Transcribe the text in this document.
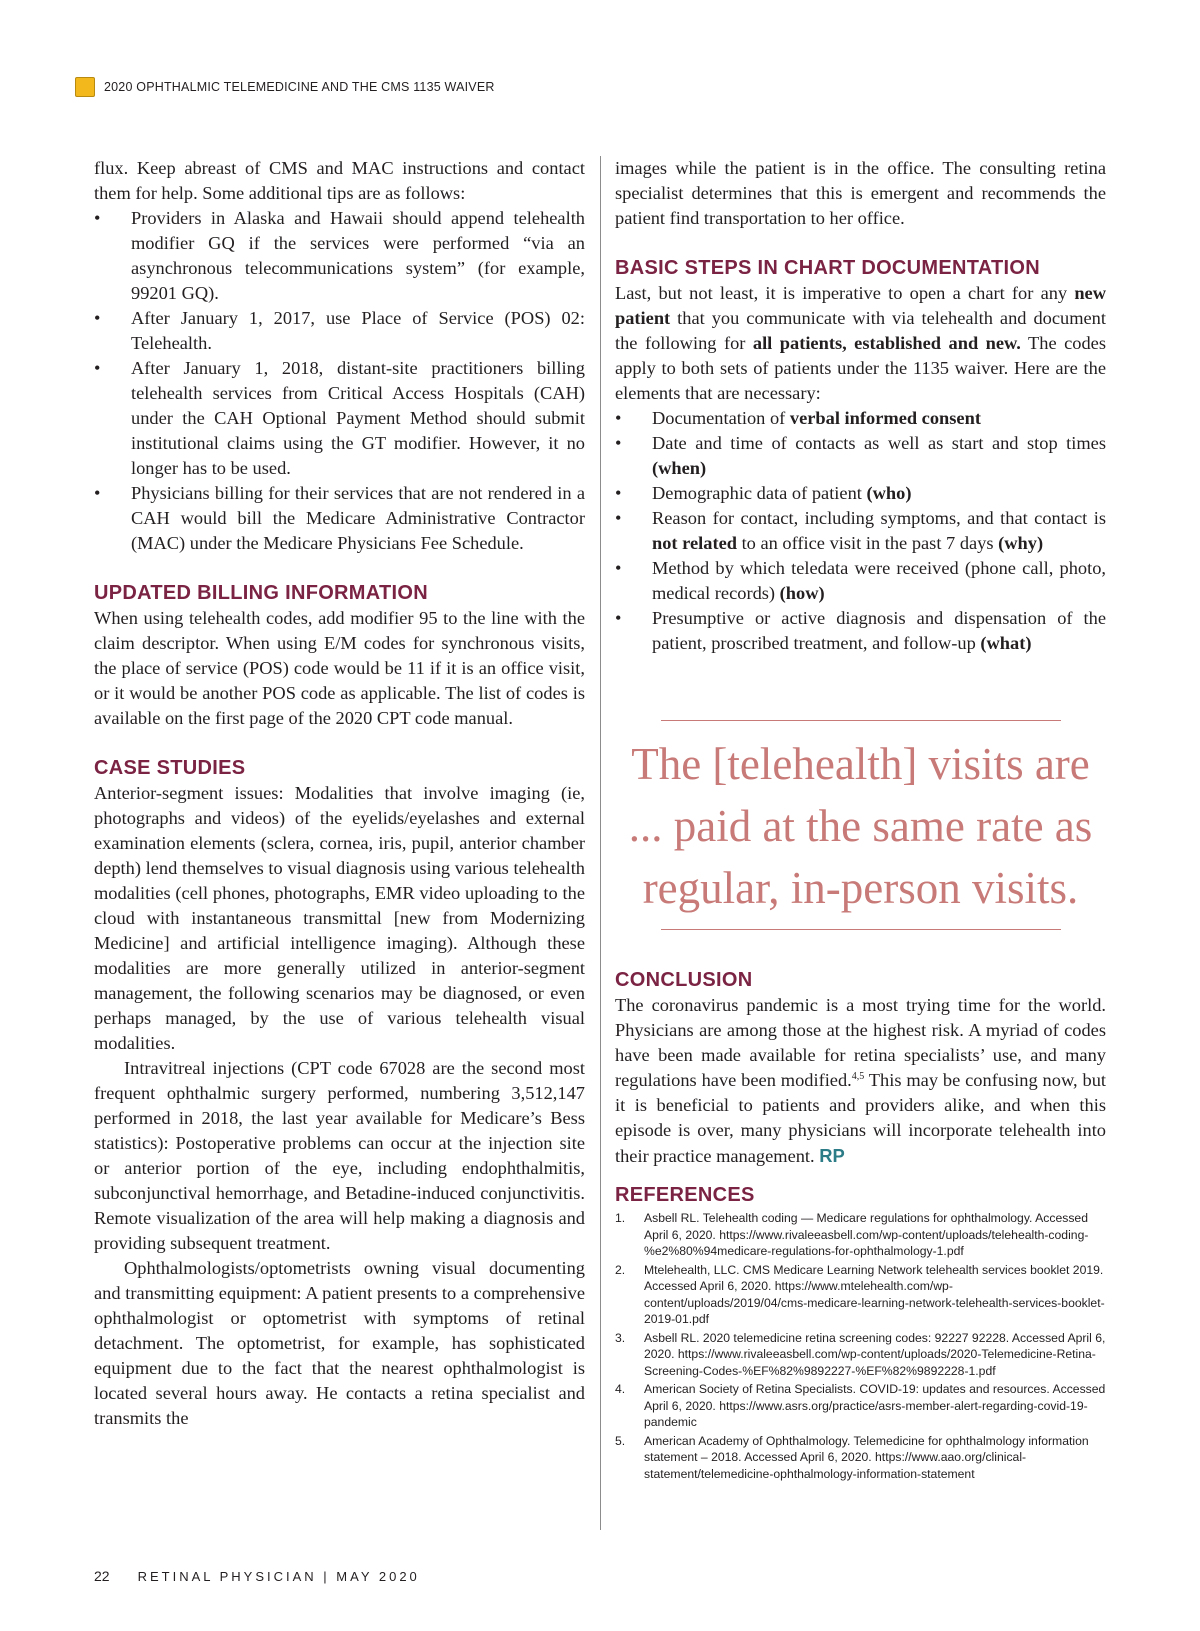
2020 OPHTHALMIC TELEMEDICINE AND THE CMS 1135 WAIVER

flux. Keep abreast of CMS and MAC instructions and contact them for help. Some additional tips are as follows:

• Providers in Alaska and Hawaii should append telehealth modifier GQ if the services were performed “via an asynchronous telecommunications system” (for example, 99201 GQ).
• After January 1, 2017, use Place of Service (POS) 02: Telehealth.
• After January 1, 2018, distant-site practitioners billing telehealth services from Critical Access Hospitals (CAH) under the CAH Optional Payment Method should submit institutional claims using the GT modifier. However, it no longer has to be used.
• Physicians billing for their services that are not rendered in a CAH would bill the Medicare Administrative Contractor (MAC) under the Medicare Physicians Fee Schedule.
UPDATED BILLING INFORMATION

When using telehealth codes, add modifier 95 to the line with the claim descriptor. When using E/M codes for synchronous visits, the place of service (POS) code would be 11 if it is an office visit, or it would be another POS code as applicable. The list of codes is available on the first page of the 2020 CPT code manual.

CASE STUDIES

Anterior-segment issues: Modalities that involve imaging (ie, photographs and videos) of the eyelids/eyelashes and external examination elements (sclera, cornea, iris, pupil, anterior chamber depth) lend themselves to visual diagnosis using various telehealth modalities (cell phones, photographs, EMR video uploading to the cloud with instantaneous transmittal [new from Modernizing Medicine] and artificial intelligence imaging). Although these modalities are more generally utilized in anterior-segment management, the following scenarios may be diagnosed, or even perhaps managed, by the use of various telehealth visual modalities.

Intravitreal injections (CPT code 67028 are the second most frequent ophthalmic surgery performed, numbering 3,512,147 performed in 2018, the last year available for Medicare’s Bess statistics): Postoperative problems can occur at the injection site or anterior portion of the eye, including endophthalmitis, subconjunctival hemorrhage, and Betadine-induced conjunctivitis. Remote visualization of the area will help making a diagnosis and providing subsequent treatment.

Ophthalmologists/optometrists owning visual documenting and transmitting equipment: A patient presents to a comprehensive ophthalmologist or optometrist with symptoms of retinal detachment. The optometrist, for example, has sophisticated equipment due to the fact that the nearest ophthalmologist is located several hours away. He contacts a retina specialist and transmits the

images while the patient is in the office. The consulting retina specialist determines that this is emergent and recommends the patient find transportation to her office.

BASIC STEPS IN CHART DOCUMENTATION

Last, but not least, it is imperative to open a chart for any new patient that you communicate with via telehealth and document the following for all patients, established and new. The codes apply to both sets of patients under the 1135 waiver. Here are the elements that are necessary:

• Documentation of verbal informed consent
• Date and time of contacts as well as start and stop times (when)
• Demographic data of patient (who)
• Reason for contact, including symptoms, and that contact is not related to an office visit in the past 7 days (why)
• Method by which teledata were received (phone call, photo, medical records) (how)
• Presumptive or active diagnosis and dispensation of the patient, proscribed treatment, and follow-up (what)
The [telehealth] visits are ... paid at the same rate as regular, in-person visits.
CONCLUSION

The coronavirus pandemic is a most trying time for the world. Physicians are among those at the highest risk. A myriad of codes have been made available for retina specialists’ use, and many regulations have been modified.$^{4,5}$ This may be confusing now, but it is beneficial to patients and providers alike, and when this episode is over, many physicians will incorporate telehealth into their practice management. RP

REFERENCES
1. Asbell RL. Telehealth coding — Medicare regulations for ophthalmology. Accessed April 6, 2020. https://www.rivaleeasbell.com/wp-content/uploads/telehealth-coding-%e2%80%94medicare-regulations-for-ophthalmology-1.pdf
2. Mtelehealth, LLC. CMS Medicare Learning Network telehealth services booklet 2019. Accessed April 6, 2020. https://www.mtelehealth.com/wp-content/uploads/2019/04/cms-medicare-learning-network-telehealth-services-booklet-2019-01.pdf
3. Asbell RL. 2020 telemedicine retina screening codes: 92227 92228. Accessed April 6, 2020. https://www.rivaleeasbell.com/wp-content/uploads/2020-Telemedicine-Retina-Screening-Codes-%EF%82%9892227-%EF%82%9892228-1.pdf
4. American Society of Retina Specialists. COVID-19: updates and resources. Accessed April 6, 2020. https://www.asrs.org/practice/asrs-member-alert-regarding-covid-19-pandemic
5. American Academy of Ophthalmology. Telemedicine for ophthalmology information statement – 2018. Accessed April 6, 2020. https://www.aao.org/clinical-statement/telemedicine-ophthalmology-information-statement
22 RETINAL PHYSICIAN | MAY 2020
